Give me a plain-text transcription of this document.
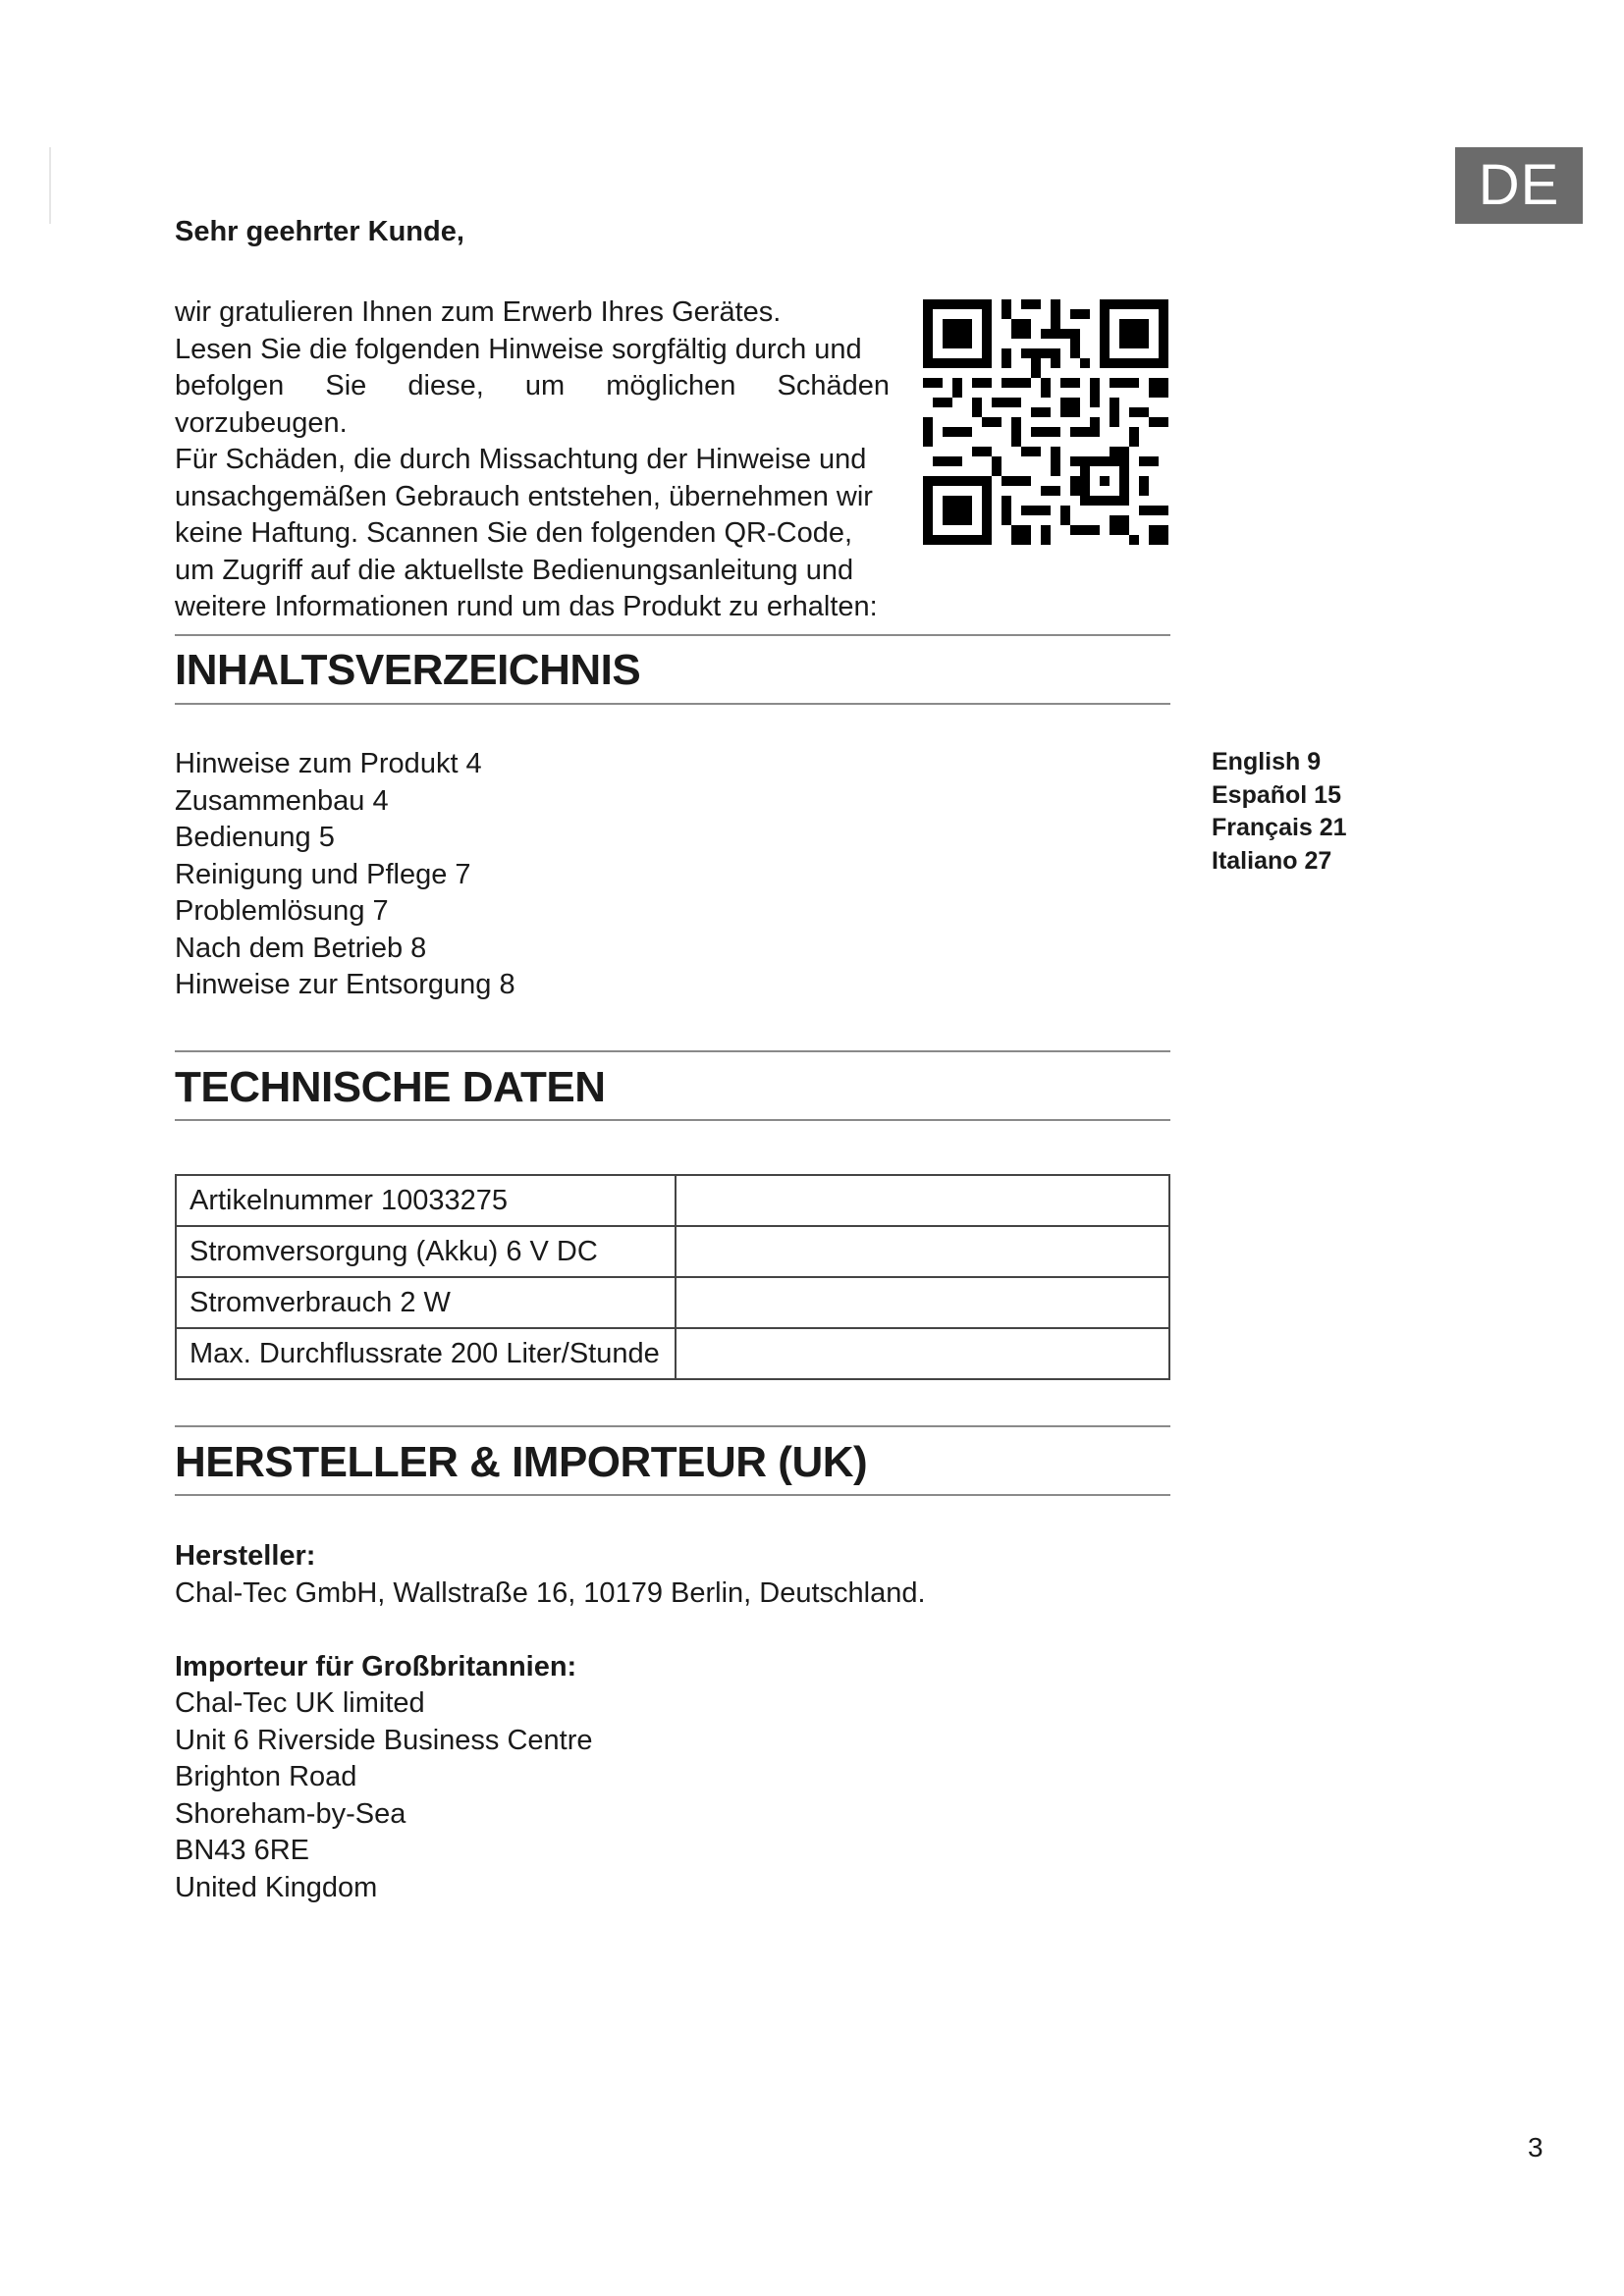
DE
Sehr geehrter Kunde,
wir gratulieren Ihnen zum Erwerb Ihres Gerätes.
Lesen Sie die folgenden Hinweise sorgfältig durch und
befolgen Sie diese, um möglichen Schäden vorzubeugen.
Für Schäden, die durch Missachtung der Hinweise und
unsachgemäßen Gebrauch entstehen, übernehmen wir
keine Haftung. Scannen Sie den folgenden QR-Code,
um Zugriff auf die aktuellste Bedienungsanleitung und
weitere Informationen rund um das Produkt zu erhalten:
INHALTSVERZEICHNIS
Hinweise zum Produkt 4
Zusammenbau 4
Bedienung 5
Reinigung und Pflege 7
Problemlösung 7
Nach dem Betrieb 8
Hinweise zur Entsorgung 8
English 9
Español 15
Français 21
Italiano 27
TECHNISCHE DATEN
Artikelnummer 10033275	
Stromversorgung (Akku) 6 V DC	
Stromverbrauch 2 W	
Max. Durchflussrate 200 Liter/Stunde	
HERSTELLER & IMPORTEUR (UK)
Hersteller:
Chal-Tec GmbH, Wallstraße 16, 10179 Berlin, Deutschland.
Importeur für Großbritannien:
Chal-Tec UK limited
Unit 6 Riverside Business Centre
Brighton Road
Shoreham-by-Sea
BN43 6RE
United Kingdom
3
